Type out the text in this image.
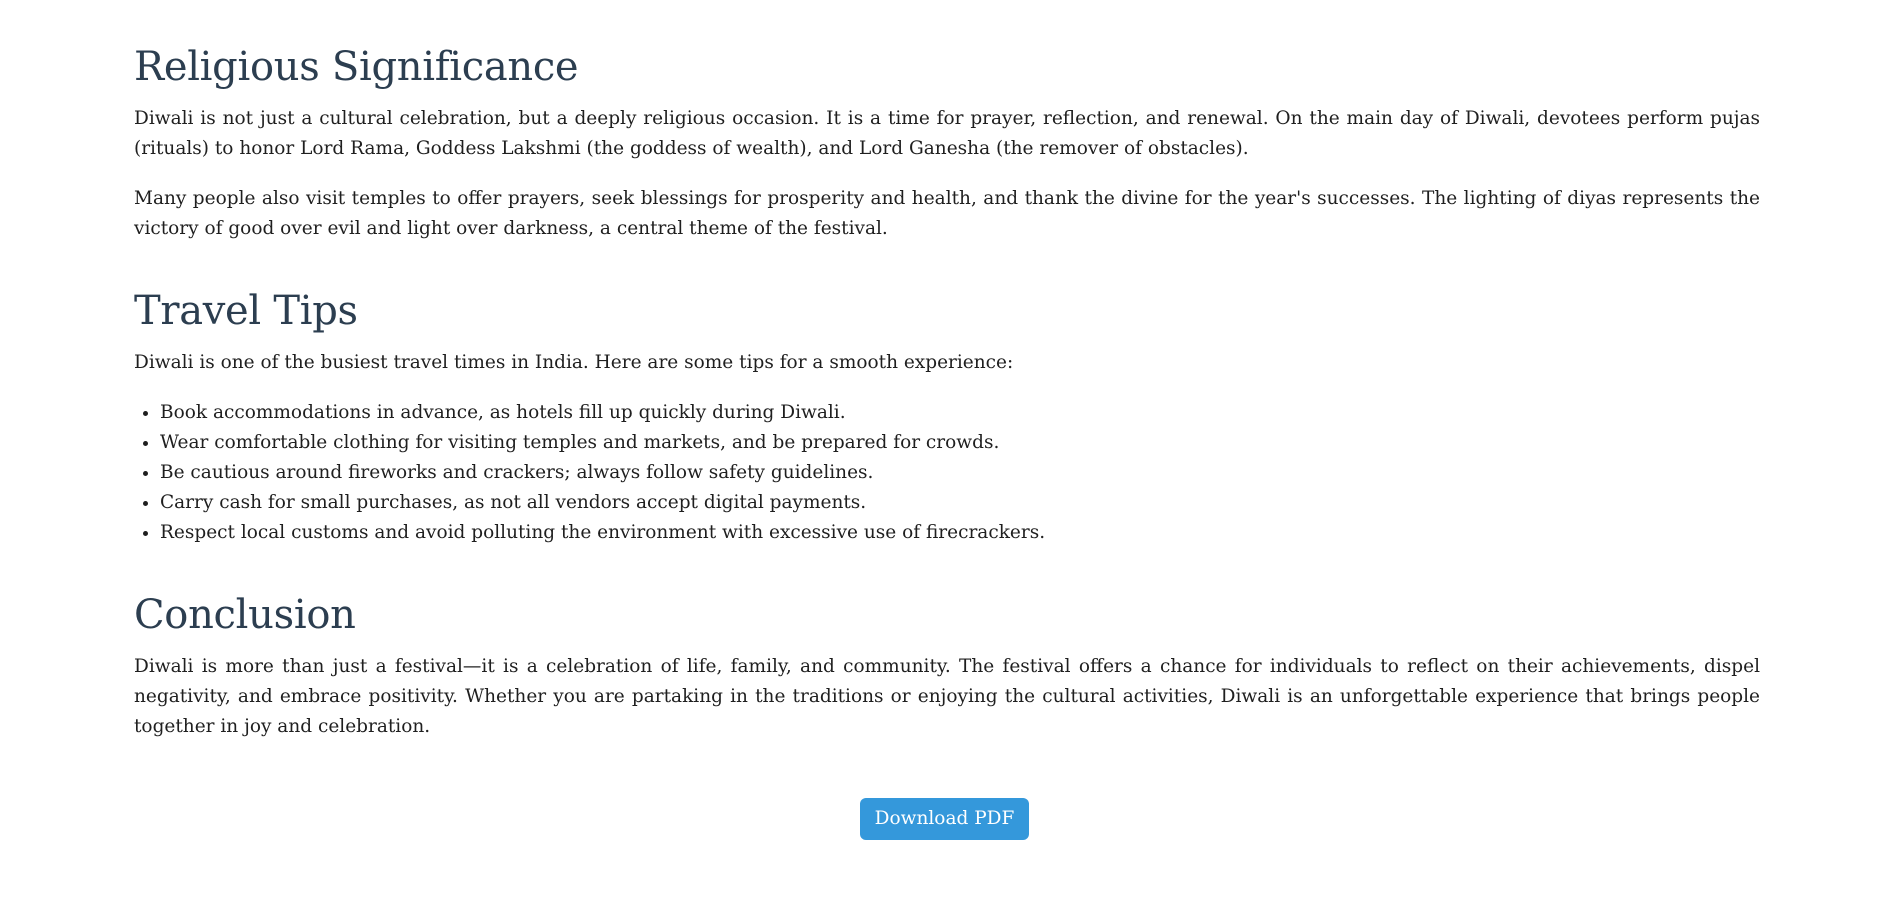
Religious Significance

Diwali is not just a cultural celebration, but a deeply religious occasion. It is a time for prayer, reflection, and renewal. On the main day of Diwali, devotees perform pujas (rituals) to honor Lord Rama, Goddess Lakshmi (the goddess of wealth), and Lord Ganesha (the remover of obstacles).

Many people also visit temples to offer prayers, seek blessings for prosperity and health, and thank the divine for the year's successes. The lighting of diyas represents the victory of good over evil and light over darkness, a central theme of the festival.

Travel Tips

Diwali is one of the busiest travel times in India. Here are some tips for a smooth experience:

• Book accommodations in advance, as hotels fill up quickly during Diwali.
• Wear comfortable clothing for visiting temples and markets, and be prepared for crowds.
• Be cautious around fireworks and crackers; always follow safety guidelines.
• Carry cash for small purchases, as not all vendors accept digital payments.
• Respect local customs and avoid polluting the environment with excessive use of firecrackers.
Conclusion

Diwali is more than just a festival—it is a celebration of life, family, and community. The festival offers a chance for individuals to reflect on their achievements, dispel negativity, and embrace positivity. Whether you are partaking in the traditions or enjoying the cultural activities, Diwali is an unforgettable experience that brings people together in joy and celebration.

Download PDF
